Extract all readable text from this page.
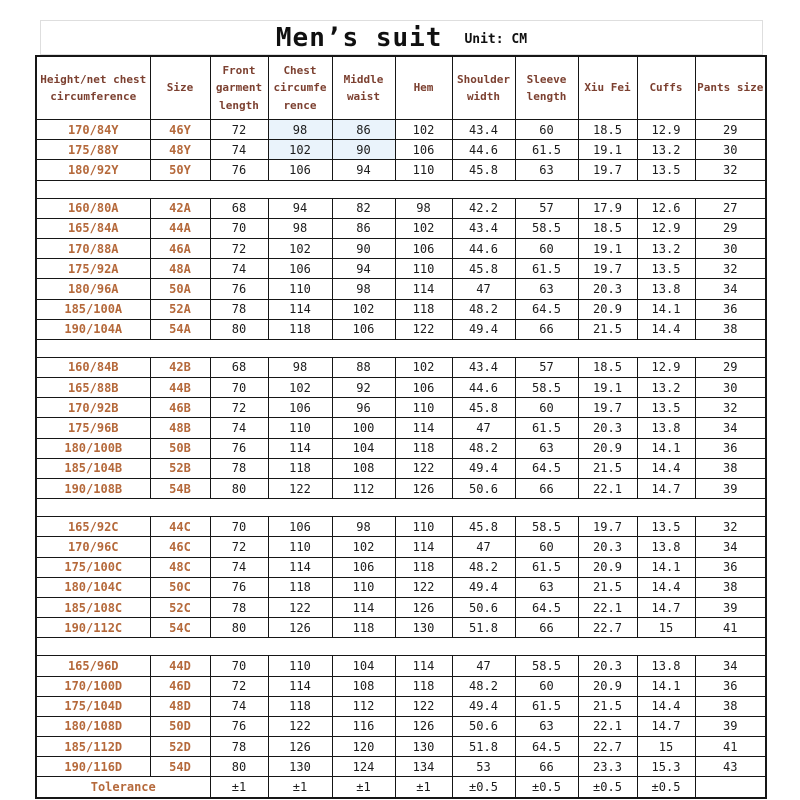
Men’s suit Unit: CM
Height/net chest circumference	Size	Front garment length	Chest circumfe rence	Middle waist	Hem	Shoulder width	Sleeve length	Xiu Fei	Cuffs	Pants size
170/84Y	46Y	72	98	86	102	43.4	60	18.5	12.9	29
175/88Y	48Y	74	102	90	106	44.6	61.5	19.1	13.2	30
180/92Y	50Y	76	106	94	110	45.8	63	19.7	13.5	32

160/80A	42A	68	94	82	98	42.2	57	17.9	12.6	27
165/84A	44A	70	98	86	102	43.4	58.5	18.5	12.9	29
170/88A	46A	72	102	90	106	44.6	60	19.1	13.2	30
175/92A	48A	74	106	94	110	45.8	61.5	19.7	13.5	32
180/96A	50A	76	110	98	114	47	63	20.3	13.8	34
185/100A	52A	78	114	102	118	48.2	64.5	20.9	14.1	36
190/104A	54A	80	118	106	122	49.4	66	21.5	14.4	38

160/84B	42B	68	98	88	102	43.4	57	18.5	12.9	29
165/88B	44B	70	102	92	106	44.6	58.5	19.1	13.2	30
170/92B	46B	72	106	96	110	45.8	60	19.7	13.5	32
175/96B	48B	74	110	100	114	47	61.5	20.3	13.8	34
180/100B	50B	76	114	104	118	48.2	63	20.9	14.1	36
185/104B	52B	78	118	108	122	49.4	64.5	21.5	14.4	38
190/108B	54B	80	122	112	126	50.6	66	22.1	14.7	39

165/92C	44C	70	106	98	110	45.8	58.5	19.7	13.5	32
170/96C	46C	72	110	102	114	47	60	20.3	13.8	34
175/100C	48C	74	114	106	118	48.2	61.5	20.9	14.1	36
180/104C	50C	76	118	110	122	49.4	63	21.5	14.4	38
185/108C	52C	78	122	114	126	50.6	64.5	22.1	14.7	39
190/112C	54C	80	126	118	130	51.8	66	22.7	15	41

165/96D	44D	70	110	104	114	47	58.5	20.3	13.8	34
170/100D	46D	72	114	108	118	48.2	60	20.9	14.1	36
175/104D	48D	74	118	112	122	49.4	61.5	21.5	14.4	38
180/108D	50D	76	122	116	126	50.6	63	22.1	14.7	39
185/112D	52D	78	126	120	130	51.8	64.5	22.7	15	41
190/116D	54D	80	130	124	134	53	66	23.3	15.3	43
Tolerance		±1	±1	±1	±1	±0.5	±0.5	±0.5	±0.5	
